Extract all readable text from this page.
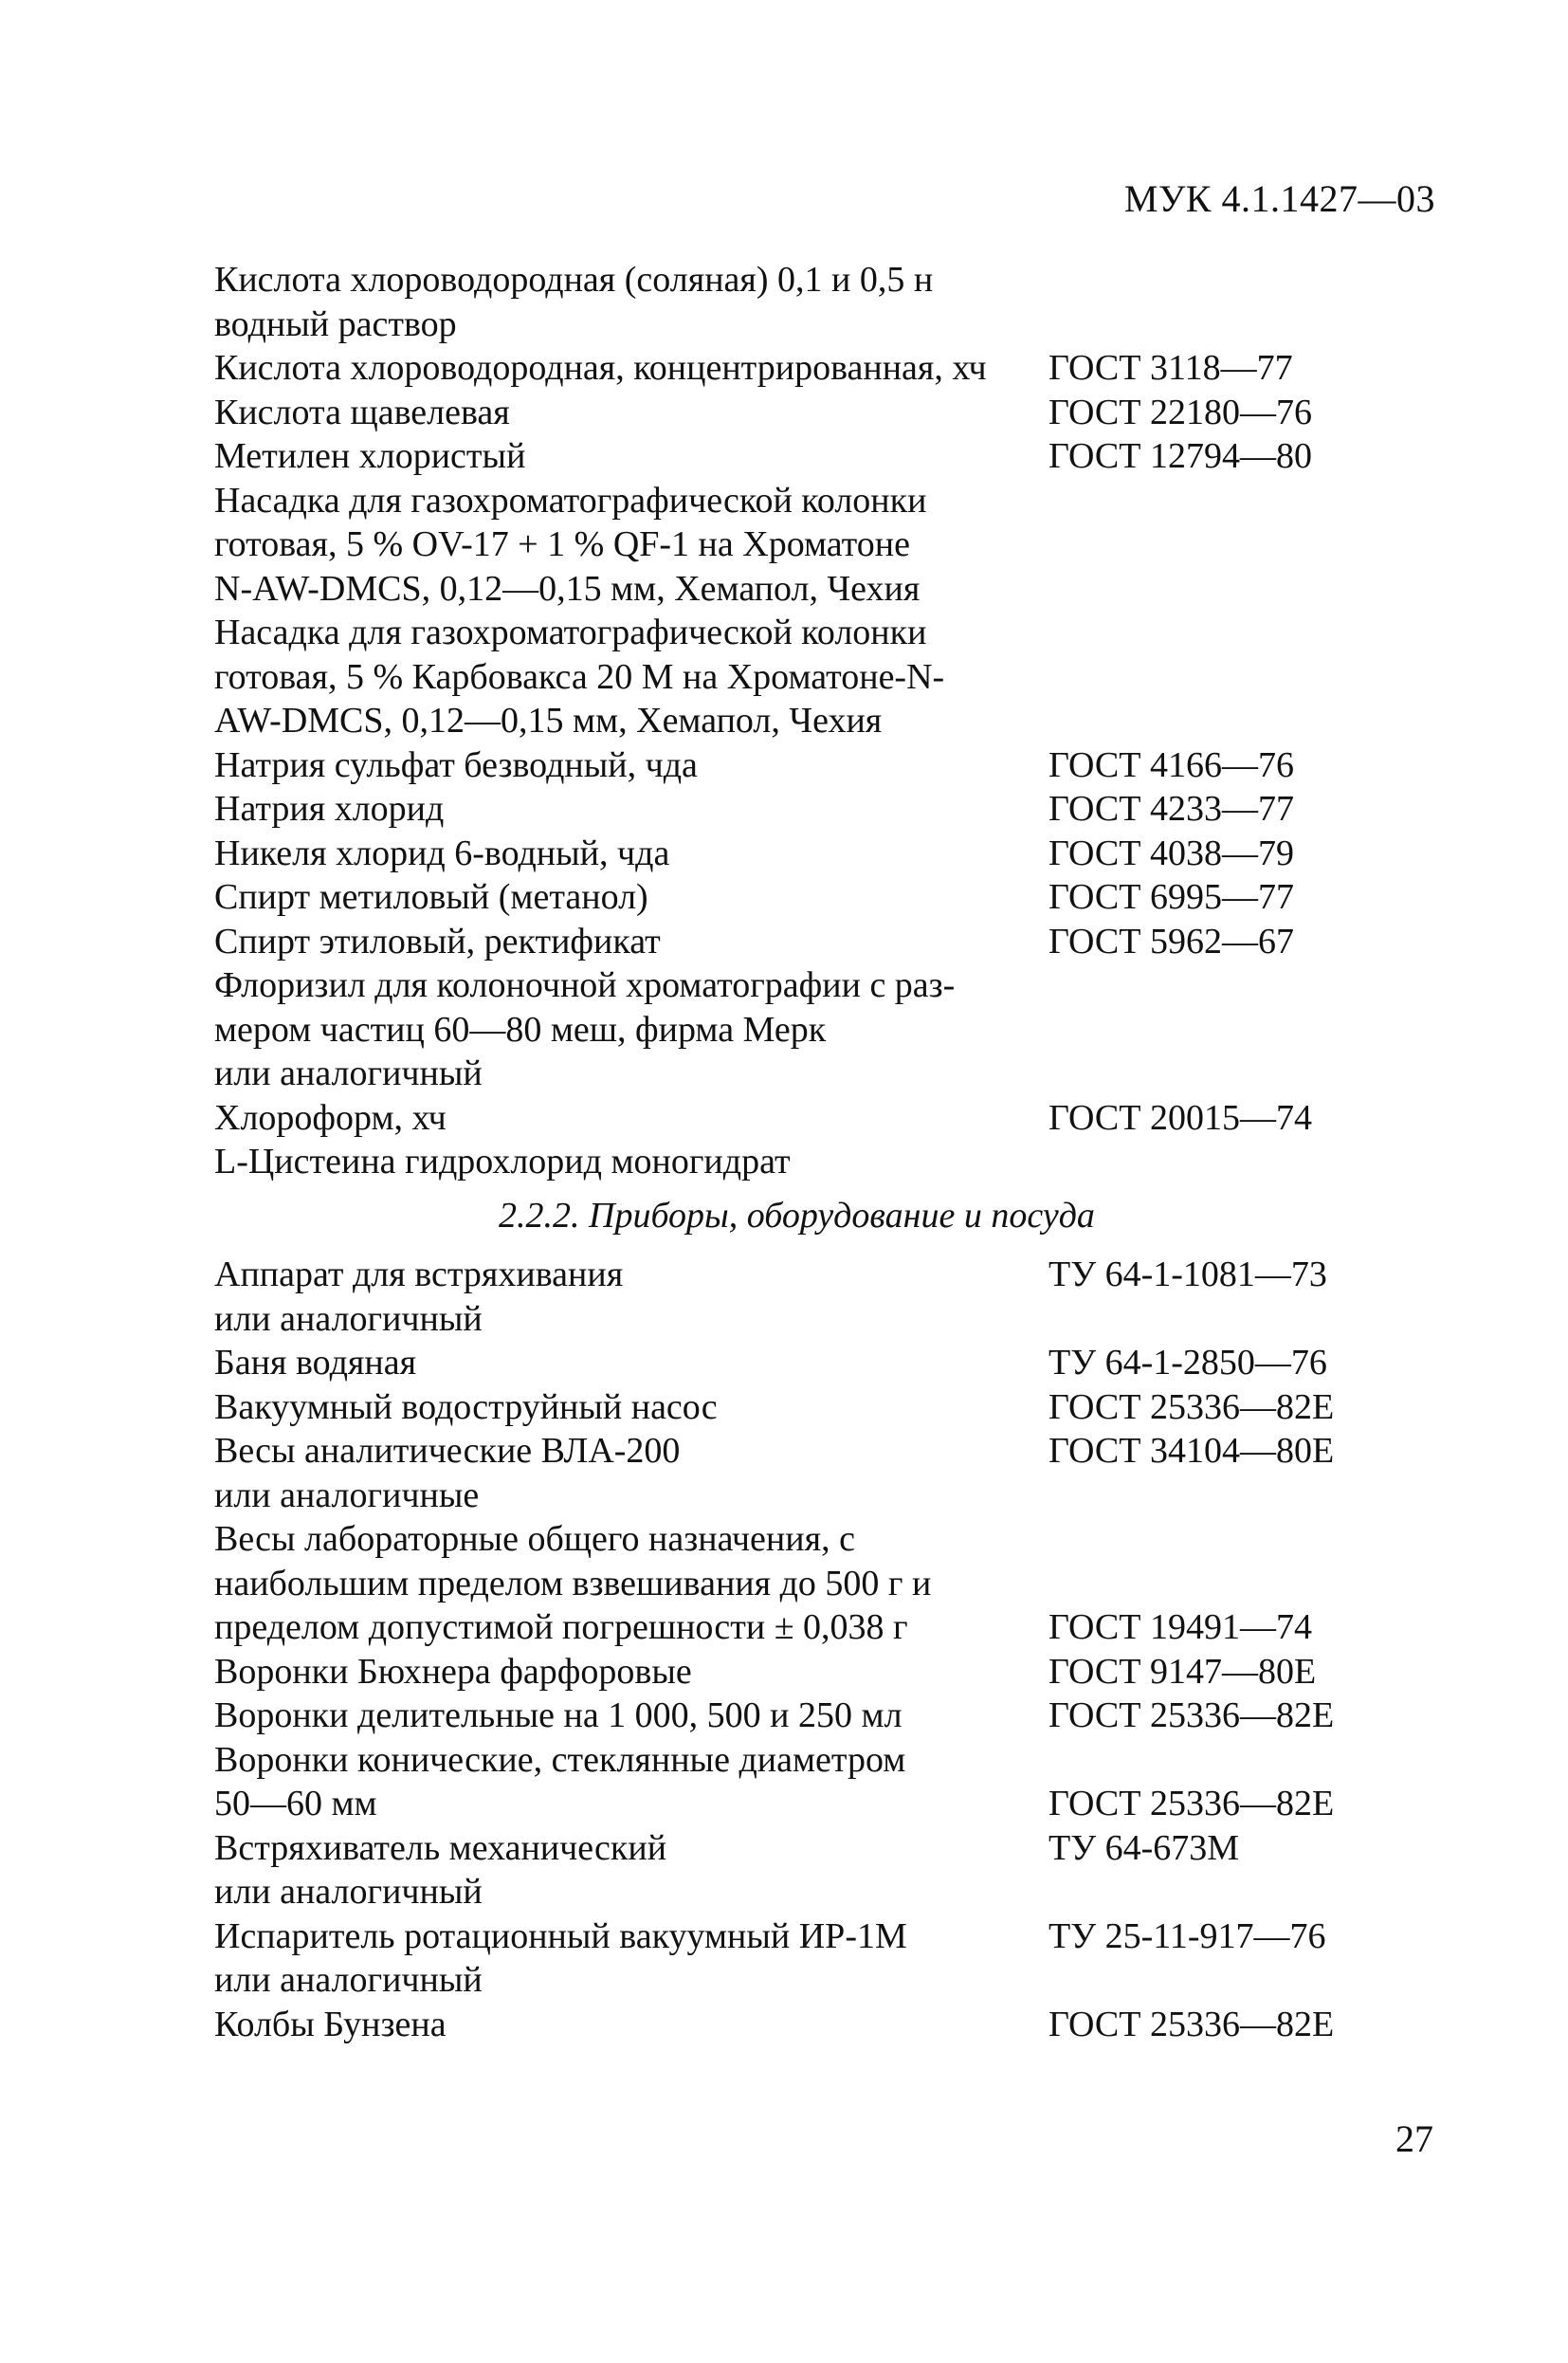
МУК 4.1.1427—03
Кислота хлороводородная (соляная) 0,1 и 0,5 н
водный раствор
Кислота хлороводородная, концентрированная, хч	ГОСТ 3118—77
Кислота щавелевая	ГОСТ 22180—76
Метилен хлористый	ГОСТ 12794—80
Насадка для газохроматографической колонки
готовая, 5 % OV-17 + 1 % QF-1 на Хроматоне
N-AW-DMCS, 0,12—0,15 мм, Хемапол, Чехия
Насадка для газохроматографической колонки
готовая, 5 % Карбовакса 20 М на Хроматоне-N-
AW-DMCS, 0,12—0,15 мм, Хемапол, Чехия
Натрия сульфат безводный, чда	ГОСТ 4166—76
Натрия хлорид	ГОСТ 4233—77
Никеля хлорид 6-водный, чда	ГОСТ 4038—79
Спирт метиловый (метанол)	ГОСТ 6995—77
Спирт этиловый, ректификат	ГОСТ 5962—67
Флоризил для колоночной хроматографии с раз-
мером частиц 60—80 меш, фирма Мерк
или аналогичный
Хлороформ, хч	ГОСТ 20015—74
L-Цистеина гидрохлорид моногидрат
2.2.2. Приборы, оборудование и посуда
Аппарат для встряхивания	ТУ 64-1-1081—73
или аналогичный
Баня водяная	ТУ 64-1-2850—76
Вакуумный водоструйный насос	ГОСТ 25336—82Е
Весы аналитические ВЛА-200	ГОСТ 34104—80Е
или аналогичные
Весы лабораторные общего назначения, с
наибольшим пределом взвешивания до 500 г и
пределом допустимой погрешности ± 0,038 г	ГОСТ 19491—74
Воронки Бюхнера фарфоровые	ГОСТ 9147—80Е
Воронки делительные на 1 000, 500 и 250 мл	ГОСТ 25336—82Е
Воронки конические, стеклянные диаметром
50—60 мм	ГОСТ 25336—82Е
Встряхиватель механический	ТУ 64-673М
или аналогичный
Испаритель ротационный вакуумный ИР-1М	ТУ 25-11-917—76
или аналогичный
Колбы Бунзена	ГОСТ 25336—82Е
27
